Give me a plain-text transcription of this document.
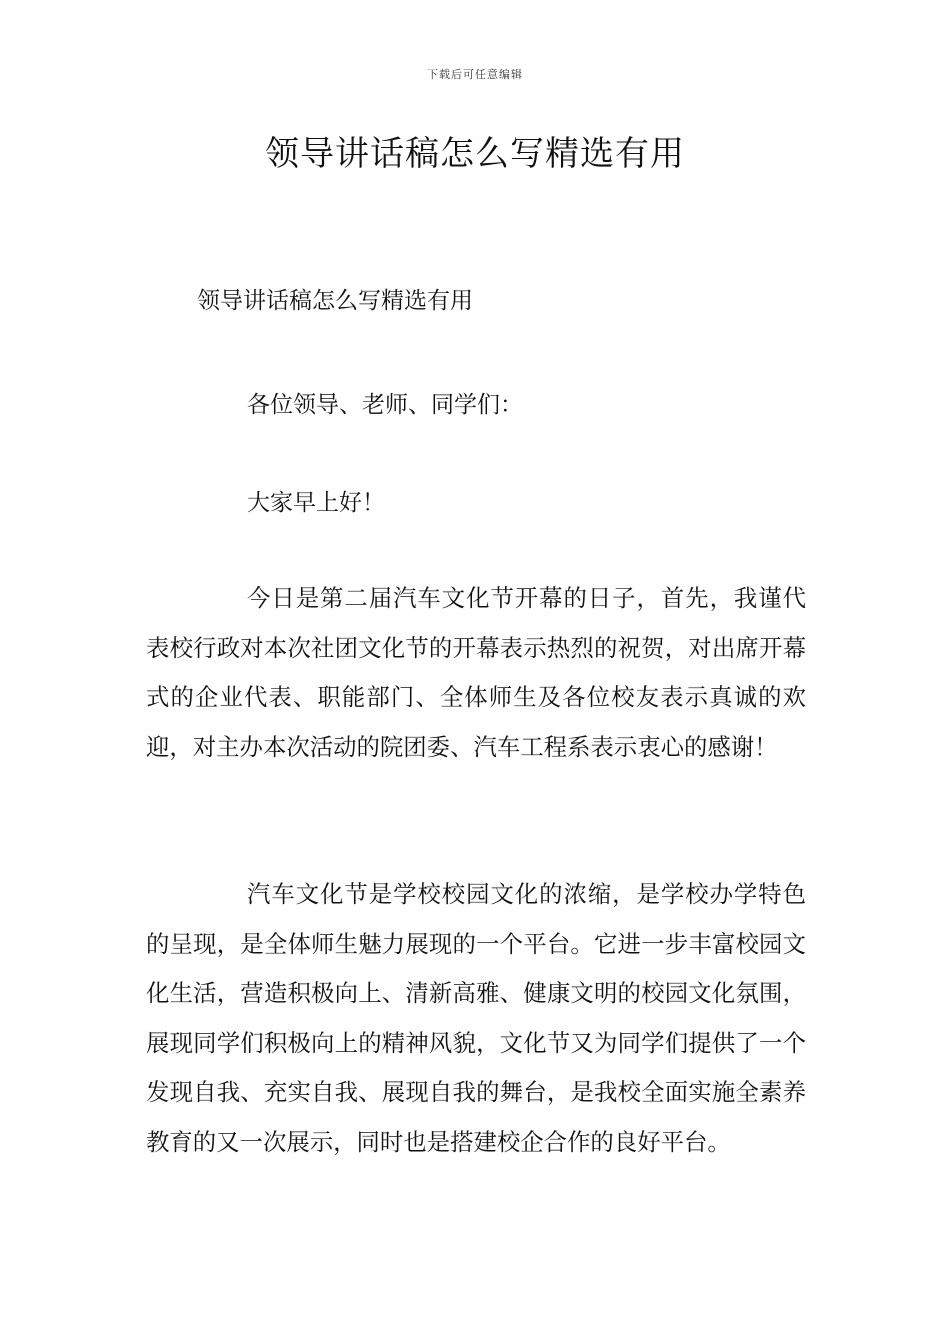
下载后可任意编辑
领导讲话稿怎么写精选有用
领导讲话稿怎么写精选有用
各位领导、老师、同学们：
大家早上好！

今日是第二届汽车文化节开幕的日子，首先，我谨代表校行政对本次社团文化节的开幕表示热烈的祝贺，对出席开幕式的企业代表、职能部门、全体师生及各位校友表示真诚的欢迎，对主办本次活动的院团委、汽车工程系表示衷心的感谢！

汽车文化节是学校校园文化的浓缩，是学校办学特色的呈现，是全体师生魅力展现的一个平台。它进一步丰富校园文化生活，营造积极向上、清新高雅、健康文明的校园文化氛围，展现同学们积极向上的精神风貌，文化节又为同学们提供了一个发现自我、充实自我、展现自我的舞台，是我校全面实施全素养教育的又一次展示，同时也是搭建校企合作的良好平台。
